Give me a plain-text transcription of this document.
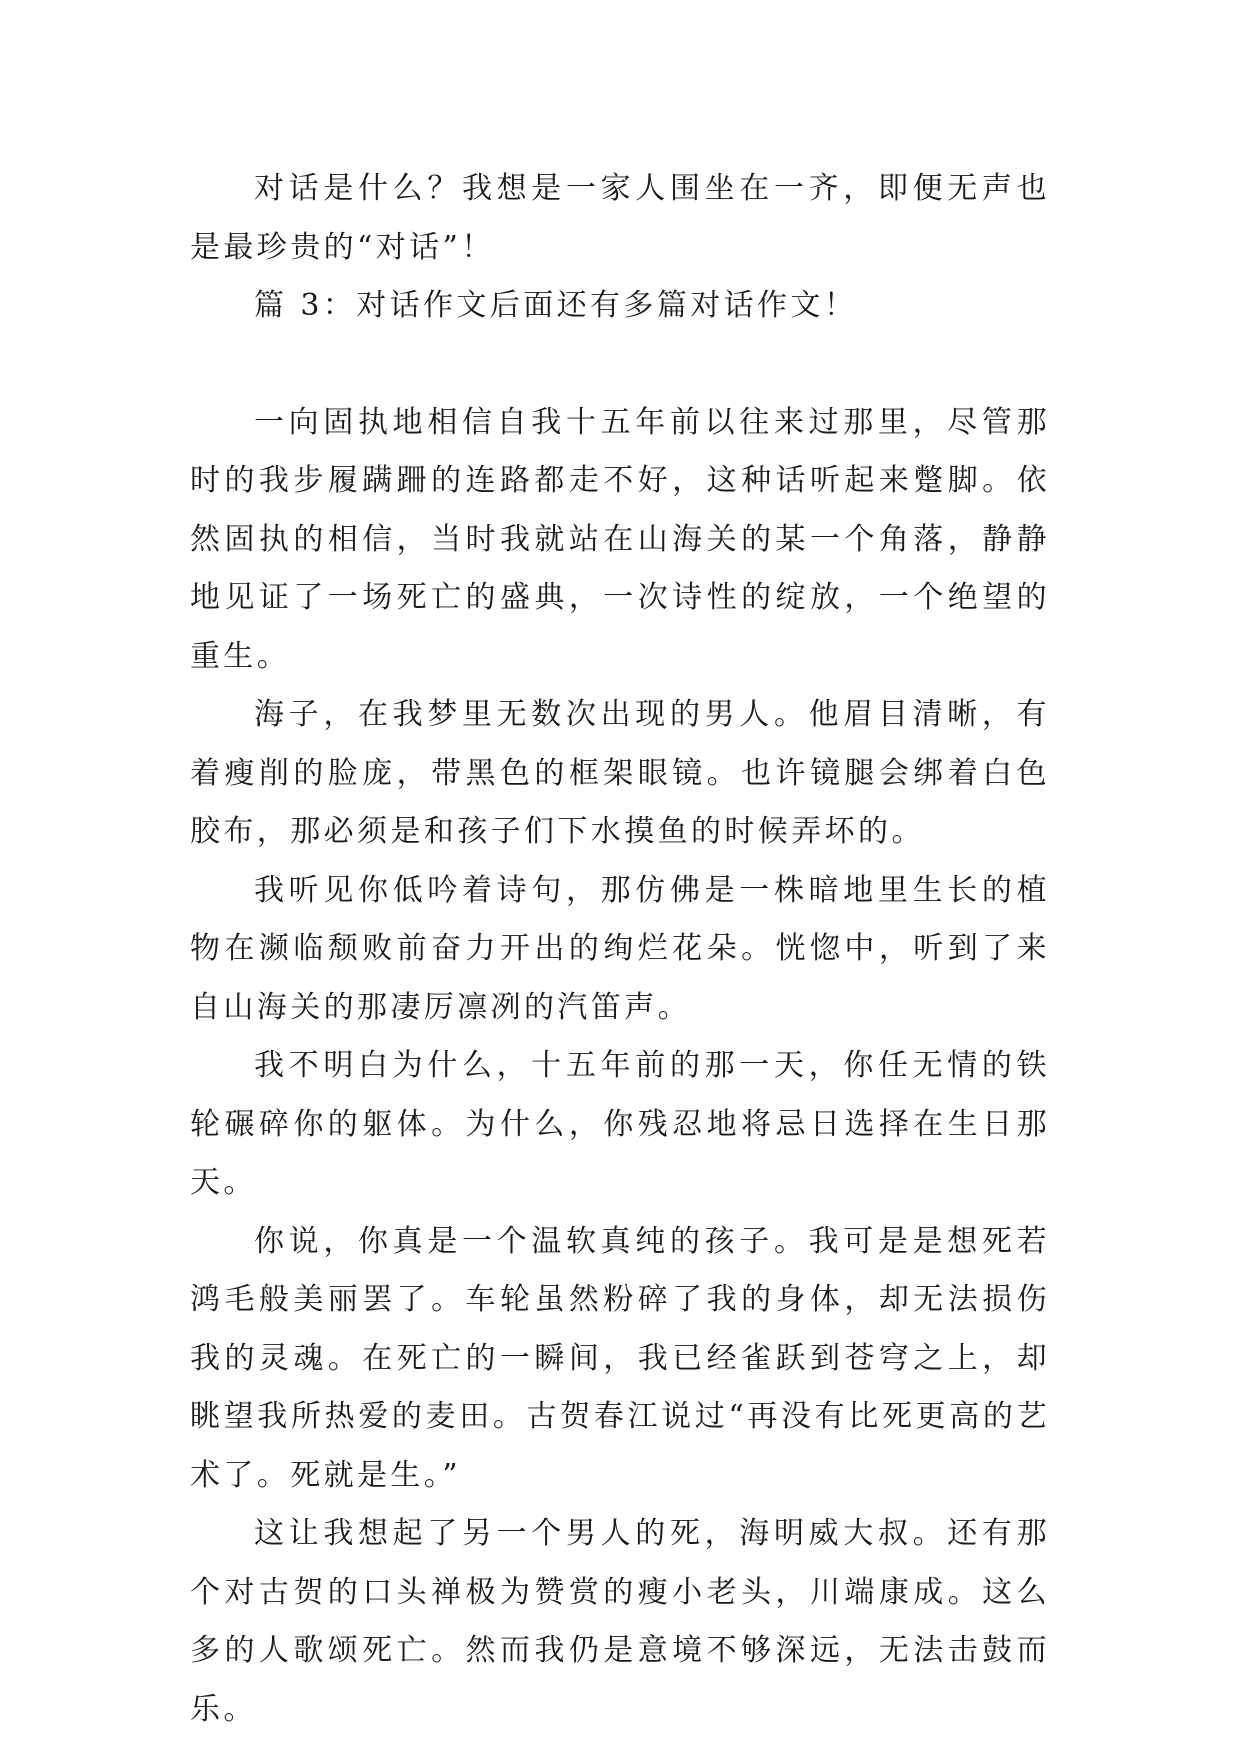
对话是什么？我想是一家人围坐在一齐，即便无声也是最珍贵的“对话”！

篇 3：对话作文后面还有多篇对话作文！

一向固执地相信自我十五年前以往来过那里，尽管那时的我步履蹒跚的连路都走不好，这种话听起来蹩脚。依然固执的相信，当时我就站在山海关的某一个角落，静静地见证了一场死亡的盛典，一次诗性的绽放，一个绝望的重生。

海子，在我梦里无数次出现的男人。他眉目清晰，有着瘦削的脸庞，带黑色的框架眼镜。也许镜腿会绑着白色胶布，那必须是和孩子们下水摸鱼的时候弄坏的。

我听见你低吟着诗句，那仿佛是一株暗地里生长的植物在濒临颓败前奋力开出的绚烂花朵。恍惚中，听到了来自山海关的那凄厉凛冽的汽笛声。

我不明白为什么，十五年前的那一天，你任无情的铁轮碾碎你的躯体。为什么，你残忍地将忌日选择在生日那天。

你说，你真是一个温软真纯的孩子。我可是是想死若鸿毛般美丽罢了。车轮虽然粉碎了我的身体，却无法损伤我的灵魂。在死亡的一瞬间，我已经雀跃到苍穹之上，却眺望我所热爱的麦田。古贺春江说过“再没有比死更高的艺术了。死就是生。”

这让我想起了另一个男人的死，海明威大叔。还有那个对古贺的口头禅极为赞赏的瘦小老头，川端康成。这么多的人歌颂死亡。然而我仍是意境不够深远，无法击鼓而乐。
